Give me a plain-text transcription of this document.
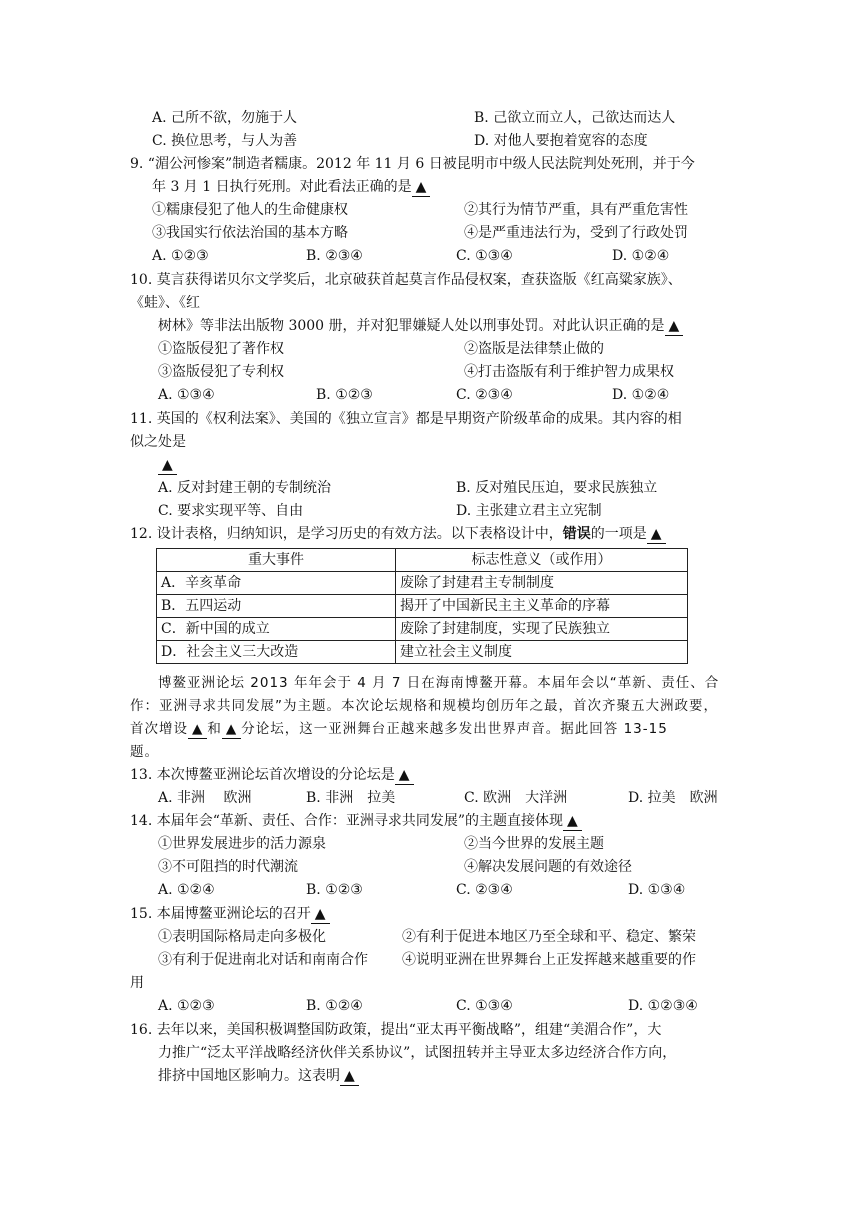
A. 己所不欲，勿施于人	B. 己欲立而立人，己欲达而达人
C. 换位思考，与人为善	D. 对他人要抱着宽容的态度
9. “湄公河惨案”制造者糯康。2012 年 11 月 6 日被昆明市中级人民法院判处死刑，并于今
年 3 月 1 日执行死刑。对此看法正确的是 ▲
①糯康侵犯了他人的生命健康权	②其行为情节严重，具有严重危害性
③我国实行依法治国的基本方略	④是严重违法行为，受到了行政处罚
A. ①②③	B. ②③④	C. ①③④	D. ①②④
10. 莫言获得诺贝尔文学奖后，北京破获首起莫言作品侵权案，查获盗版《红高粱家族》、
《蛙》、《红
树林》等非法出版物 3000 册，并对犯罪嫌疑人处以刑事处罚。对此认识正确的是 ▲
①盗版侵犯了著作权	②盗版是法律禁止做的
③盗版侵犯了专利权	④打击盗版有利于维护智力成果权
A. ①③④	B. ①②③	C. ②③④	D. ①②④
11. 英国的《权利法案》、美国的《独立宣言》都是早期资产阶级革命的成果。其内容的相
似之处是
▲
A. 反对封建王朝的专制统治	B. 反对殖民压迫，要求民族独立
C. 要求实现平等、自由	D. 主张建立君主立宪制
12. 设计表格，归纳知识，是学习历史的有效方法。以下表格设计中，错误的一项是 ▲
重大事件	标志性意义（或作用）
A．辛亥革命	废除了封建君主专制制度
B．五四运动	揭开了中国新民主主义革命的序幕
C．新中国的成立	废除了封建制度，实现了民族独立
D．社会主义三大改造	建立社会主义制度
博鳌亚洲论坛 2013 年年会于 4 月 7 日在海南博鳌开幕。本届年会以“革新、责任、合
作：亚洲寻求共同发展”为主题。本次论坛规格和规模均创历年之最，首次齐聚五大洲政要，
首次增设 ▲ 和 ▲ 分论坛，这一亚洲舞台正越来越多发出世界声音。据此回答 13-15
题。
13. 本次博鳌亚洲论坛首次增设的分论坛是 ▲
A. 非洲　 欧洲	B. 非洲　拉美	C. 欧洲　大洋洲	D. 拉美　欧洲
14. 本届年会“革新、责任、合作：亚洲寻求共同发展”的主题直接体现 ▲
①世界发展进步的活力源泉	②当今世界的发展主题
③不可阻挡的时代潮流	④解决发展问题的有效途径
A. ①②④	B. ①②③	C. ②③④	D. ①③④
15. 本届博鳌亚洲论坛的召开 ▲
①表明国际格局走向多极化	②有利于促进本地区乃至全球和平、稳定、繁荣
③有利于促进南北对话和南南合作 ④说明亚洲在世界舞台上正发挥越来越重要的作
用
A. ①②③	B. ①②④	C. ①③④	D. ①②③④
16. 去年以来，美国积极调整国防政策，提出“亚太再平衡战略”，组建“美湄合作”，大
力推广“泛太平洋战略经济伙伴关系协议”，试图扭转并主导亚太多边经济合作方向，
排挤中国地区影响力。这表明 ▲
